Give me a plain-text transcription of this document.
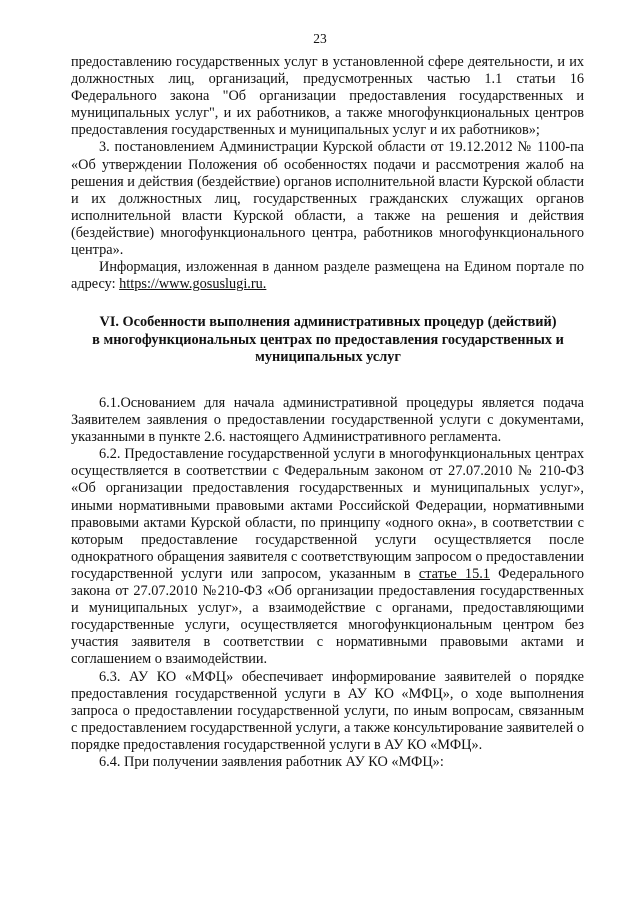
23

предоставлению государственных услуг в установленной сфере деятельности, и их должностных лиц, организаций, предусмотренных частью 1.1 статьи 16 Федерального закона "Об организации предоставления государственных и муниципальных услуг", и их работников, а также многофункциональных центров предоставления государственных и муниципальных услуг и их работников»;

3. постановлением Администрации Курской области от 19.12.2012 № 1100-па «Об утверждении Положения об особенностях подачи и рассмотрения жалоб на решения и действия (бездействие) органов исполнительной власти Курской области и их должностных лиц, государственных гражданских служащих органов исполнительной власти Курской области, а также на решения и действия (бездействие) многофункционального центра, работников многофункционального центра».

Информация, изложенная в данном разделе размещена на Едином портале по адресу: https://www.gosuslugi.ru.

VI. Особенности выполнения административных процедур (действий)
в многофункциональных центрах по предоставления государственных и
муниципальных услуг

6.1.Основанием для начала административной процедуры является подача Заявителем заявления о предоставлении государственной услуги с документами, указанными в пункте 2.6. настоящего Административного регламента.

6.2. Предоставление государственной услуги в многофункциональных центрах осуществляется в соответствии с Федеральным законом от 27.07.2010 № 210-ФЗ «Об организации предоставления государственных и муниципальных услуг», иными нормативными правовыми актами Российской Федерации, нормативными правовыми актами Курской области, по принципу «одного окна», в соответствии с которым предоставление государственной услуги осуществляется после однократного обращения заявителя с соответствующим запросом о предоставлении государственной услуги или запросом, указанным в статье 15.1 Федерального закона от 27.07.2010 №210-ФЗ «Об организации предоставления государственных и муниципальных услуг», а взаимодействие с органами, предоставляющими государственные услуги, осуществляется многофункциональным центром без участия заявителя в соответствии с нормативными правовыми актами и соглашением о взаимодействии.

6.3. АУ КО «МФЦ» обеспечивает информирование заявителей о порядке предоставления государственной услуги в АУ КО «МФЦ», о ходе выполнения запроса о предоставлении государственной услуги, по иным вопросам, связанным с предоставлением государственной услуги, а также консультирование заявителей о порядке предоставления государственной услуги в АУ КО «МФЦ».

6.4. При получении заявления работник АУ КО «МФЦ»:
